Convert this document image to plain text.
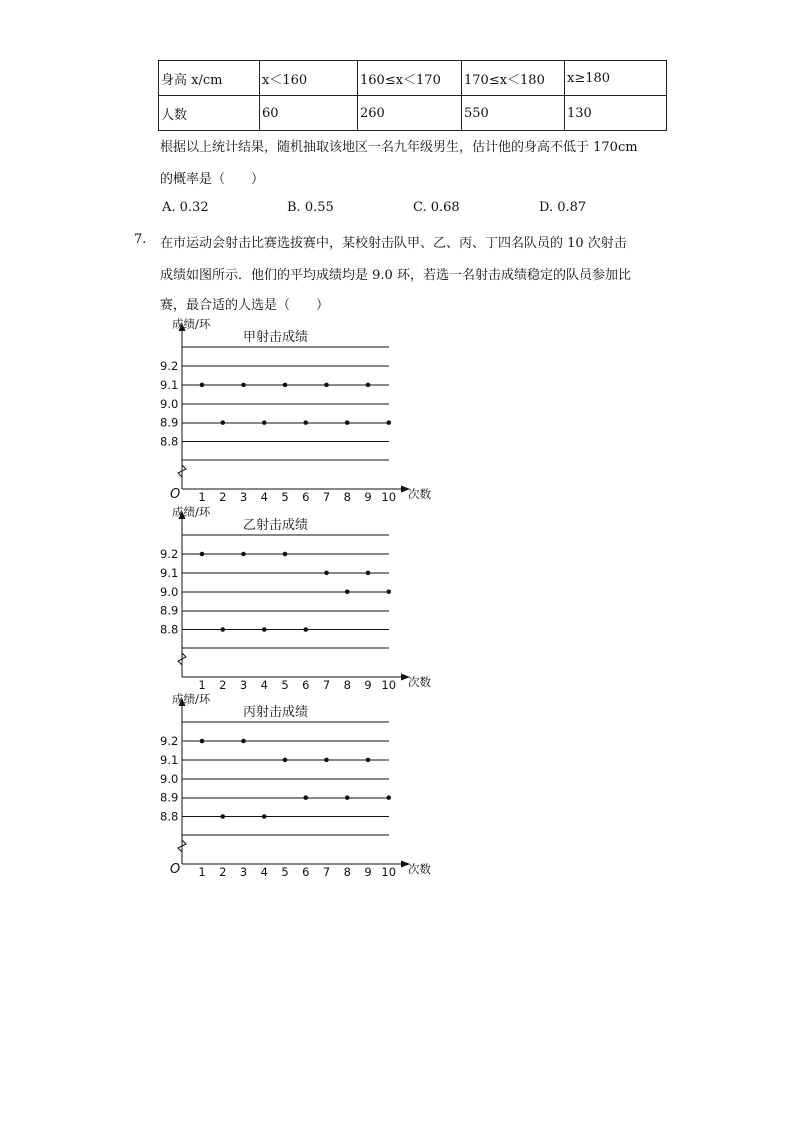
身高 x/cm	x＜160	160≤x＜170	170≤x＜180	x≥180
人数	60	260	550	130
根据以上统计结果，随机抽取该地区一名九年级男生，估计他的身高不低于 170cm
的概率是（　　）
A. 0.32	B. 0.55	C. 0.68	D. 0.87
7. 在市运动会射击比赛选拔赛中，某校射击队甲、乙、丙、丁四名队员的 10 次射击
成绩如图所示．他们的平均成绩均是 9.0 环，若选一名射击成绩稳定的队员参加比
赛，最合适的人选是（　　）
成绩/环
甲射击成绩
次数
O
9.2
9.1
9.0
8.9
8.8
1 2 3 4 5 6 7 8 9 10
成绩/环
乙射击成绩
次数
9.2
9.1
9.0
8.9
8.8
1 2 3 4 5 6 7 8 9 10
成绩/环
丙射击成绩
次数
O
9.2
9.1
9.0
8.9
8.8
1 2 3 4 5 6 7 8 9 10
